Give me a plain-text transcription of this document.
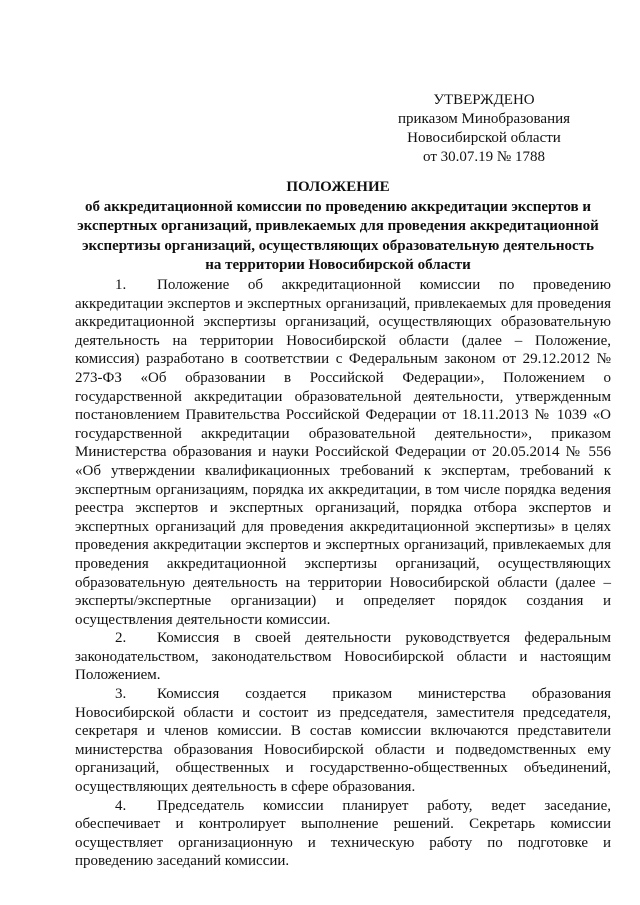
УТВЕРЖДЕНО
приказом Минобразования
Новосибирской области
от 30.07.19 № 1788
ПОЛОЖЕНИЕ
об аккредитационной комиссии по проведению аккредитации экспертов и
экспертных организаций, привлекаемых для проведения аккредитационной
экспертизы организаций, осуществляющих образовательную деятельность
на территории Новосибирской области

1. Положение об аккредитационной комиссии по проведению аккредитации экспертов и экспертных организаций, привлекаемых для проведения аккредитационной экспертизы организаций, осуществляющих образовательную деятельность на территории Новосибирской области (далее – Положение, комиссия) разработано в соответствии с Федеральным законом от 29.12.2012 № 273-ФЗ «Об образовании в Российской Федерации», Положением о государственной аккредитации образовательной деятельности, утвержденным постановлением Правительства Российской Федерации от 18.11.2013 № 1039 «О государственной аккредитации образовательной деятельности», приказом Министерства образования и науки Российской Федерации от 20.05.2014 № 556 «Об утверждении квалификационных требований к экспертам, требований к экспертным организациям, порядка их аккредитации, в том числе порядка ведения реестра экспертов и экспертных организаций, порядка отбора экспертов и экспертных организаций для проведения аккредитационной экспертизы» в целях проведения аккредитации экспертов и экспертных организаций, привлекаемых для проведения аккредитационной экспертизы организаций, осуществляющих образовательную деятельность на территории Новосибирской области (далее – эксперты/экспертные организации) и определяет порядок создания и осуществления деятельности комиссии.

2. Комиссия в своей деятельности руководствуется федеральным законодательством, законодательством Новосибирской области и настоящим Положением.

3. Комиссия создается приказом министерства образования Новосибирской области и состоит из председателя, заместителя председателя, секретаря и членов комиссии. В состав комиссии включаются представители министерства образования Новосибирской области и подведомственных ему организаций, общественных и государственно-общественных объединений, осуществляющих деятельность в сфере образования.

4. Председатель комиссии планирует работу, ведет заседание, обеспечивает и контролирует выполнение решений. Секретарь комиссии осуществляет организационную и техническую работу по подготовке и проведению заседаний комиссии.
